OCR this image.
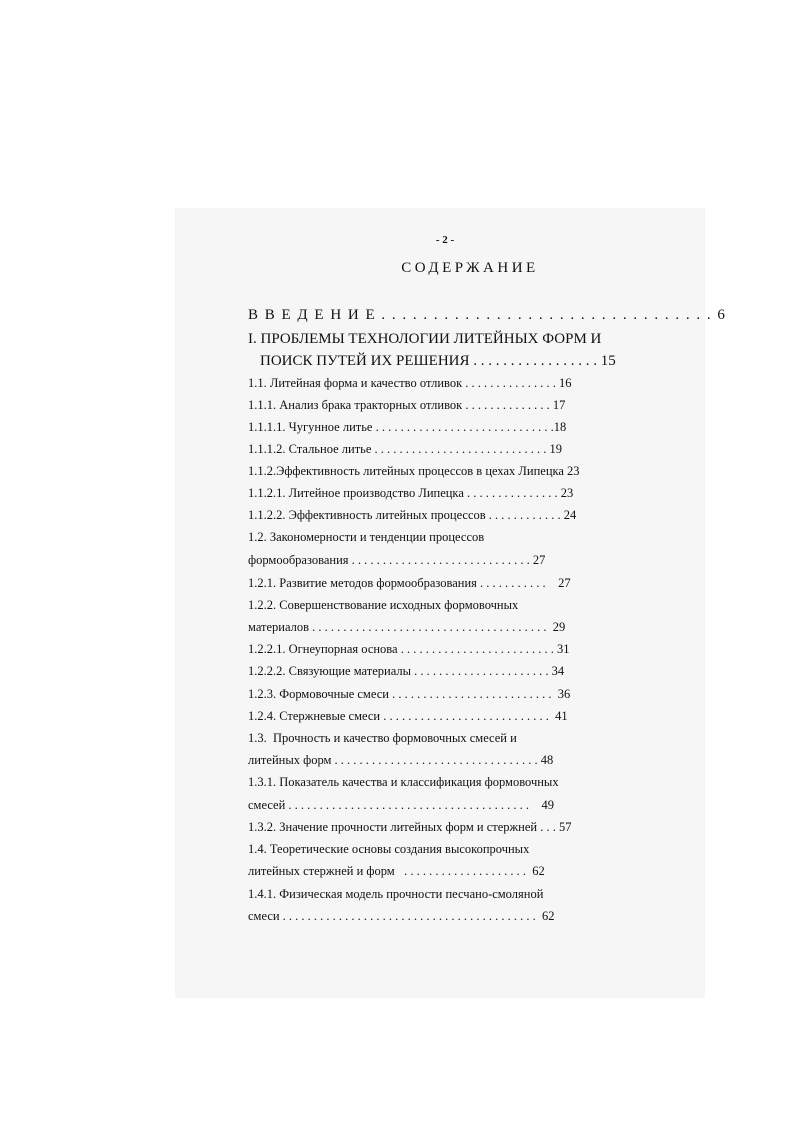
- 2 -
СОДЕРЖАНИЕ
В В Е Д Е Н И Е . . . . . . . . . . . . . . . . . . . . . . . . . . . . . . . . 6
I. ПРОБЛЕМЫ ТЕХНОЛОГИИ ЛИТЕЙНЫХ ФОРМ И
ПОИСК ПУТЕЙ ИХ РЕШЕНИЯ . . . . . . . . . . . . . . . . . 15
1.1. Литейная форма и качество отливок . . . . . . . . . . . . . . . 16
1.1.1. Анализ брака тракторных отливок . . . . . . . . . . . . . . 17
1.1.1.1. Чугунное литье . . . . . . . . . . . . . . . . . . . . . . . . . . . . .18
1.1.1.2. Стальное литье . . . . . . . . . . . . . . . . . . . . . . . . . . . . 19
1.1.2.Эффективность литейных процессов в цехах Липецка 23
1.1.2.1. Литейное производство Липецка . . . . . . . . . . . . . . . 23
1.1.2.2. Эффективность литейных процессов . . . . . . . . . . . . 24
1.2. Закономерности и тенденции процессов
формообразования . . . . . . . . . . . . . . . . . . . . . . . . . . . . . 27
1.2.1. Развитие методов формообразования . . . . . . . . . . .    27
1.2.2. Совершенствование исходных формовочных
материалов . . . . . . . . . . . . . . . . . . . . . . . . . . . . . . . . . . . . . .  29
1.2.2.1. Огнеупорная основа . . . . . . . . . . . . . . . . . . . . . . . . . 31
1.2.2.2. Связующие материалы . . . . . . . . . . . . . . . . . . . . . . 34
1.2.3. Формовочные смеси . . . . . . . . . . . . . . . . . . . . . . . . . .  36
1.2.4. Стержневые смеси . . . . . . . . . . . . . . . . . . . . . . . . . . .  41
1.3.  Прочность и качество формовочных смесей и
литейных форм . . . . . . . . . . . . . . . . . . . . . . . . . . . . . . . . . 48
1.3.1. Показатель качества и классификация формовочных
смесей . . . . . . . . . . . . . . . . . . . . . . . . . . . . . . . . . . . . . . .    49
1.3.2. Значение прочности литейных форм и стержней . . . 57
1.4. Теоретические основы создания высокопрочных
литейных стержней и форм   . . . . . . . . . . . . . . . . . . . .  62
1.4.1. Физическая модель прочности песчано-смоляной
смеси . . . . . . . . . . . . . . . . . . . . . . . . . . . . . . . . . . . . . . . . .  62
